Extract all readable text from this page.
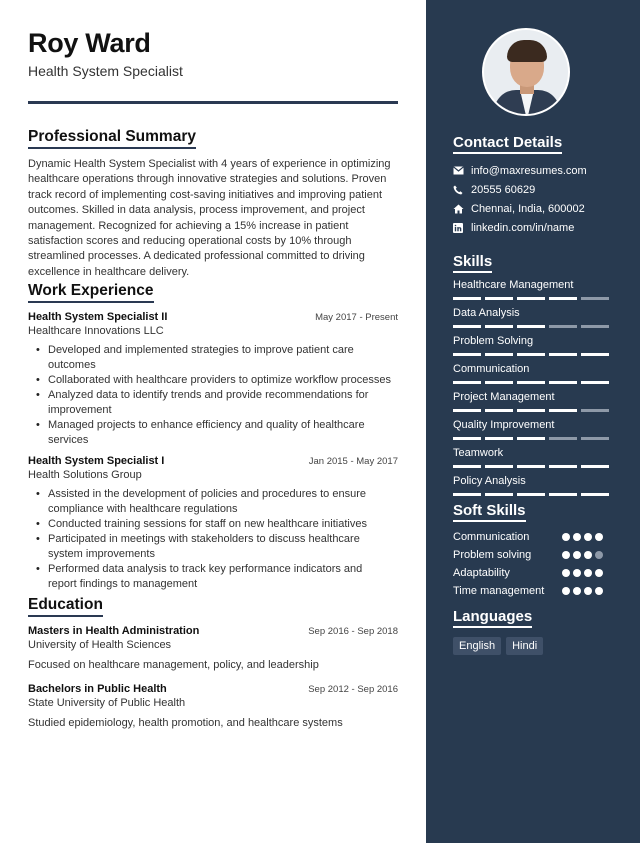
Roy Ward
Health System Specialist
Professional Summary

Dynamic Health System Specialist with 4 years of experience in optimizing healthcare operations through innovative strategies and solutions. Proven track record of implementing cost-saving initiatives and improving patient outcomes. Skilled in data analysis, process improvement, and project management. Recognized for achieving a 15% increase in patient satisfaction scores and reducing operational costs by 10% through streamlined processes. A dedicated professional committed to driving excellence in healthcare delivery.

Work Experience
Health System Specialist II	May 2017 - Present
Healthcare Innovations LLC
• Developed and implemented strategies to improve patient care outcomes
• Collaborated with healthcare providers to optimize workflow processes
• Analyzed data to identify trends and provide recommendations for improvement
• Managed projects to enhance efficiency and quality of healthcare services
Health System Specialist I	Jan 2015 - May 2017
Health Solutions Group
• Assisted in the development of policies and procedures to ensure compliance with healthcare regulations
• Conducted training sessions for staff on new healthcare initiatives
• Participated in meetings with stakeholders to discuss healthcare system improvements
• Performed data analysis to track key performance indicators and report findings to management
Education
Masters in Health Administration	Sep 2016 - Sep 2018
University of Health Sciences
Focused on healthcare management, policy, and leadership
Bachelors in Public Health	Sep 2012 - Sep 2016
State University of Public Health
Studied epidemiology, health promotion, and healthcare systems
Contact Details
info@maxresumes.com
20555 60629
Chennai, India, 600002
linkedin.com/in/name
Skills
Healthcare Management
Data Analysis
Problem Solving
Communication
Project Management
Quality Improvement
Teamwork
Policy Analysis
Soft Skills
Communication
Problem solving
Adaptability
Time management
Languages
English	Hindi
